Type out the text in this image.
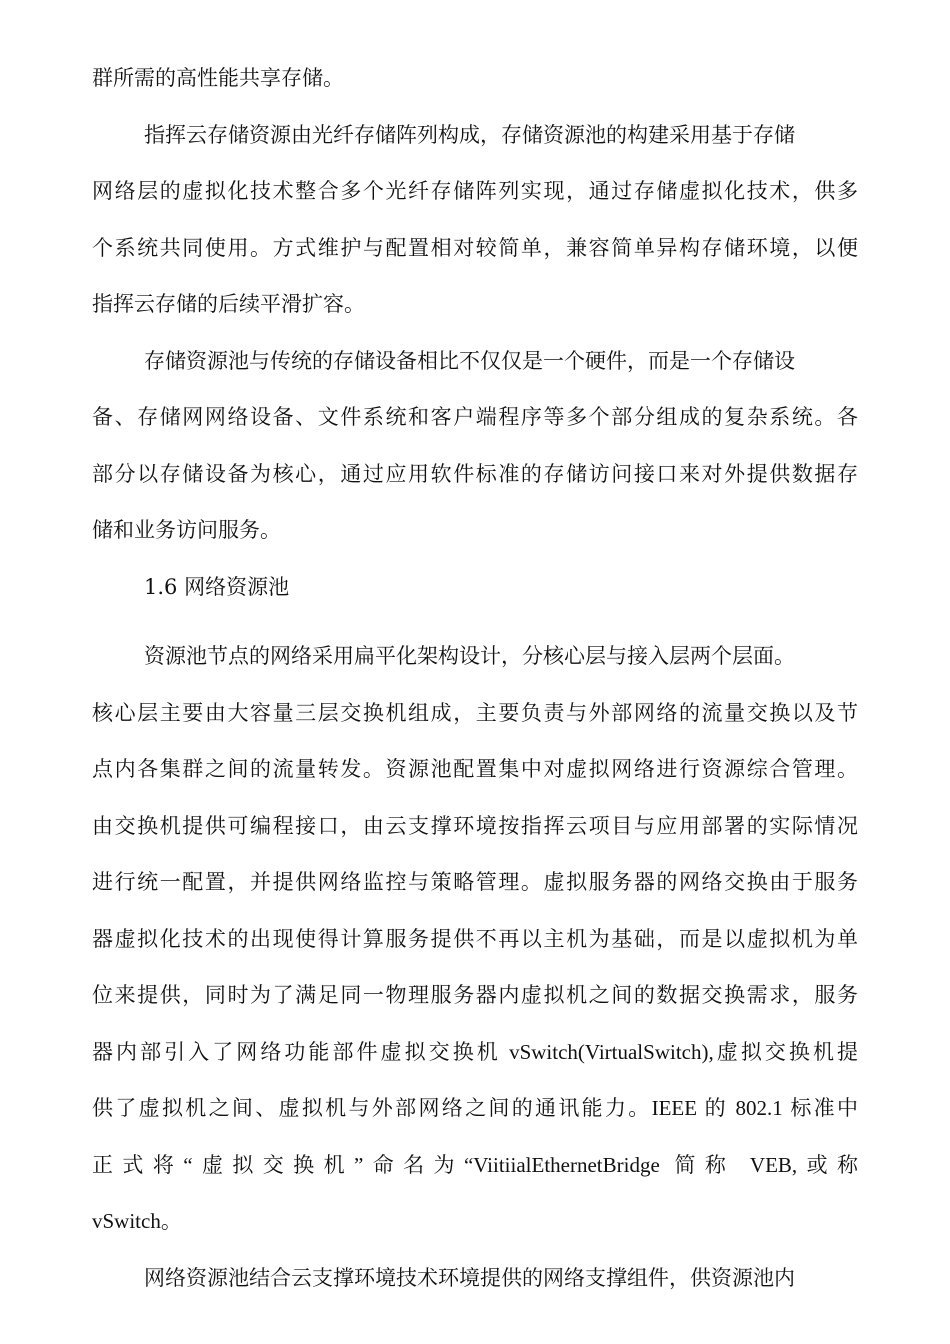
群所需的高性能共享存储。
指挥云存储资源由光纤存储阵列构成，存储资源池的构建采用基于存储
网络层的虚拟化技术整合多个光纤存储阵列实现，通过存储虚拟化技术，供多
个系统共同使用。方式维护与配置相对较简单，兼容简单异构存储环境，以便
指挥云存储的后续平滑扩容。
存储资源池与传统的存储设备相比不仅仅是一个硬件，而是一个存储设
备、存储网网络设备、文件系统和客户端程序等多个部分组成的复杂系统。各
部分以存储设备为核心，通过应用软件标准的存储访问接口来对外提供数据存
储和业务访问服务。
1.6 网络资源池
资源池节点的网络采用扁平化架构设计，分核心层与接入层两个层面。
核心层主要由大容量三层交换机组成，主要负责与外部网络的流量交换以及节
点内各集群之间的流量转发。资源池配置集中对虚拟网络进行资源综合管理。
由交换机提供可编程接口，由云支撑环境按指挥云项目与应用部署的实际情况
进行统一配置，并提供网络监控与策略管理。虚拟服务器的网络交换由于服务
器虚拟化技术的出现使得计算服务提供不再以主机为基础，而是以虚拟机为单
位来提供，同时为了满足同一物理服务器内虚拟机之间的数据交换需求，服务
器内部引入了网络功能部件虚拟交换机 vSwitch(VirtualSwitch),虚拟交换机提
供了虚拟机之间、虚拟机与外部网络之间的通讯能力。IEEE 的 802.1 标准中
正式将“虚拟交换机”命名为“ViitiialEthernetBridge 简称 VEB,或称
vSwitch。
网络资源池结合云支撑环境技术环境提供的网络支撑组件，供资源池内
